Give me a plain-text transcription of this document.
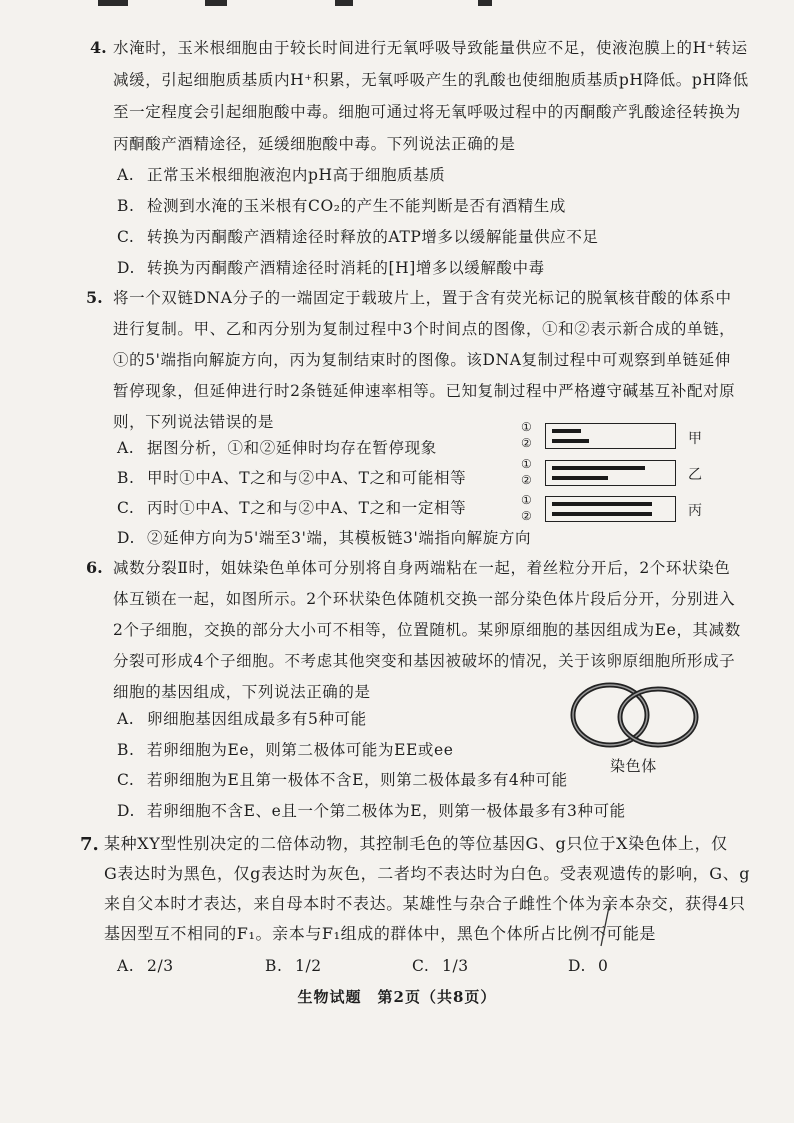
4. 水淹时，玉米根细胞由于较长时间进行无氧呼吸导致能量供应不足，使液泡膜上的H⁺转运
减缓，引起细胞质基质内H⁺积累，无氧呼吸产生的乳酸也使细胞质基质pH降低。pH降低
至一定程度会引起细胞酸中毒。细胞可通过将无氧呼吸过程中的丙酮酸产乳酸途径转换为
丙酮酸产酒精途径，延缓细胞酸中毒。下列说法正确的是
A. 正常玉米根细胞液泡内pH高于细胞质基质
B. 检测到水淹的玉米根有CO₂的产生不能判断是否有酒精生成
C. 转换为丙酮酸产酒精途径时释放的ATP增多以缓解能量供应不足
D. 转换为丙酮酸产酒精途径时消耗的[H]增多以缓解酸中毒
5. 将一个双链DNA分子的一端固定于载玻片上，置于含有荧光标记的脱氧核苷酸的体系中
进行复制。甲、乙和丙分别为复制过程中3个时间点的图像，①和②表示新合成的单链，
①的5'端指向解旋方向，丙为复制结束时的图像。该DNA复制过程中可观察到单链延伸
暂停现象，但延伸进行时2条链延伸速率相等。已知复制过程中严格遵守碱基互补配对原
则，下列说法错误的是
A. 据图分析，①和②延伸时均存在暂停现象
B. 甲时①中A、T之和与②中A、T之和可能相等
C. 丙时①中A、T之和与②中A、T之和一定相等
D. ②延伸方向为5'端至3'端，其模板链3'端指向解旋方向
①
②	甲
①
②	乙
①
②	丙
6. 减数分裂Ⅱ时，姐妹染色单体可分别将自身两端粘在一起，着丝粒分开后，2个环状染色
体互锁在一起，如图所示。2个环状染色体随机交换一部分染色体片段后分开，分别进入
2个子细胞，交换的部分大小可不相等，位置随机。某卵原细胞的基因组成为Ee，其减数
分裂可形成4个子细胞。不考虑其他突变和基因被破坏的情况，关于该卵原细胞所形成子
细胞的基因组成，下列说法正确的是
A. 卵细胞基因组成最多有5种可能
B. 若卵细胞为Ee，则第二极体可能为EE或ee
C. 若卵细胞为E且第一极体不含E，则第二极体最多有4种可能
D. 若卵细胞不含E、e且一个第二极体为E，则第一极体最多有3种可能
染色体
7. 某种XY型性别决定的二倍体动物，其控制毛色的等位基因G、g只位于X染色体上，仅
G表达时为黑色，仅g表达时为灰色，二者均不表达时为白色。受表观遗传的影响，G、g
来自父本时才表达，来自母本时不表达。某雄性与杂合子雌性个体为亲本杂交，获得4只
基因型互不相同的F₁。亲本与F₁组成的群体中，黑色个体所占比例不可能是
A. 2/3	B. 1/2	C. 1/3	D. 0
生物试题　第2页（共8页）
